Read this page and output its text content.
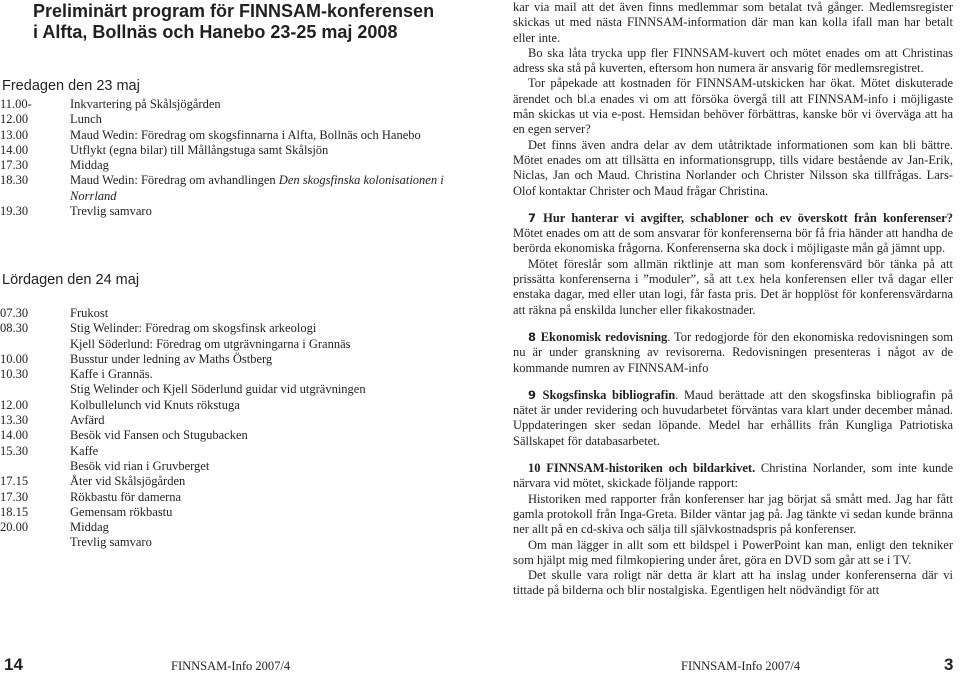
Preliminärt program för FINNSAM-konferensen
i Alfta, Bollnäs och Hanebo 23-25 maj 2008
Fredagen den 23 maj
11.00-	Inkvartering på Skålsjögården
12.00	Lunch
13.00	Maud Wedin: Föredrag om skogsfinnarna i Alfta, Bollnäs och Hanebo
14.00	Utflykt (egna bilar) till Mållångstuga samt Skålsjön
17.30	Middag
18.30	Maud Wedin: Föredrag om avhandlingen Den skogsfinska kolonisationen i Norrland
19.30	Trevlig samvaro
Lördagen den 24 maj
07.30	Frukost
08.30	Stig Welinder: Föredrag om skogsfinsk arkeologi
Kjell Söderlund: Föredrag om utgrävningarna i Grannäs
10.00	Busstur under ledning av Maths Östberg
10.30	Kaffe i Grannäs.
Stig Welinder och Kjell Söderlund guidar vid utgrävningen
12.00	Kolbullelunch vid Knuts rökstuga
13.30	Avfärd
14.00	Besök vid Fansen och Stugubacken
15.30	Kaffe
Besök vid rian i Gruvberget
17.15	Åter vid Skålsjögården
17.30	Rökbastu för damerna
18.15	Gemensam rökbastu
20.00	Middag
Trevlig samvaro

kar via mail att det även finns medlemmar som betalat två gånger. Medlemsregister skickas ut med nästa FINNSAM-information där man kan kolla ifall man har betalt eller inte.

Bo ska låta trycka upp fler FINNSAM-kuvert och mötet enades om att Christinas adress ska stå på kuverten, eftersom hon numera är ansvarig för medlemsregistret.

Tor påpekade att kostnaden för FINNSAM-utskicken har ökat. Mötet diskuterade ärendet och bl.a enades vi om att försöka övergå till att FINNSAM-info i möjligaste mån skickas ut via e-post. Hemsidan behöver förbättras, kanske bör vi överväga att ha en egen server?

Det finns även andra delar av dem utåtriktade informationen som kan bli bättre. Mötet enades om att tillsätta en informationsgrupp, tills vidare bestående av Jan-Erik, Niclas, Jan och Maud. Christina Norlander och Christer Nilsson ska tillfrågas. Lars-Olof kontaktar Christer och Maud frågar Christina.

7 Hur hanterar vi avgifter, schabloner och ev överskott från konferenser? Mötet enades om att de som ansvarar för konferenserna bör få fria händer att handha de berörda ekonomiska frågorna. Konferenserna ska dock i möjligaste mån gå jämnt upp.

Mötet föreslår som allmän riktlinje att man som konferensvärd bör tänka på att prissätta konferenserna i ”moduler”, så att t.ex hela konferensen eller två dagar eller enstaka dagar, med eller utan logi, får fasta pris. Det är hopplöst för konferensvärdarna att räkna på enskilda luncher eller fikakostnader.

8 Ekonomisk redovisning. Tor redogjorde för den ekonomiska redovisningen som nu är under granskning av revisorerna. Redovisningen presenteras i något av de kommande numren av FINNSAM-info

9 Skogsfinska bibliografin. Maud berättade att den skogsfinska bibliografin på nätet är under revidering och huvudarbetet förväntas vara klart under december månad. Uppdateringen sker sedan löpande. Medel har erhållits från Kungliga Patriotiska Sällskapet för databasarbetet.

10 FINNSAM-historiken och bildarkivet. Christina Norlander, som inte kunde närvara vid mötet, skickade följande rapport:

Historiken med rapporter från konferenser har jag börjat så smått med. Jag har fått gamla protokoll från Inga-Greta. Bilder väntar jag på. Jag tänkte vi sedan kunde bränna ner allt på en cd-skiva och sälja till självkostnadspris på konferenser.

Om man lägger in allt som ett bildspel i PowerPoint kan man, enligt den tekniker som hjälpt mig med filmkopiering under året, göra en DVD som går att se i TV.

Det skulle vara roligt när detta är klart att ha inslag under konferenserna där vi tittade på bilderna och blir nostalgiska. Egentligen helt nödvändigt för att

14	FINNSAM-Info 2007/4	FINNSAM-Info 2007/4	3
